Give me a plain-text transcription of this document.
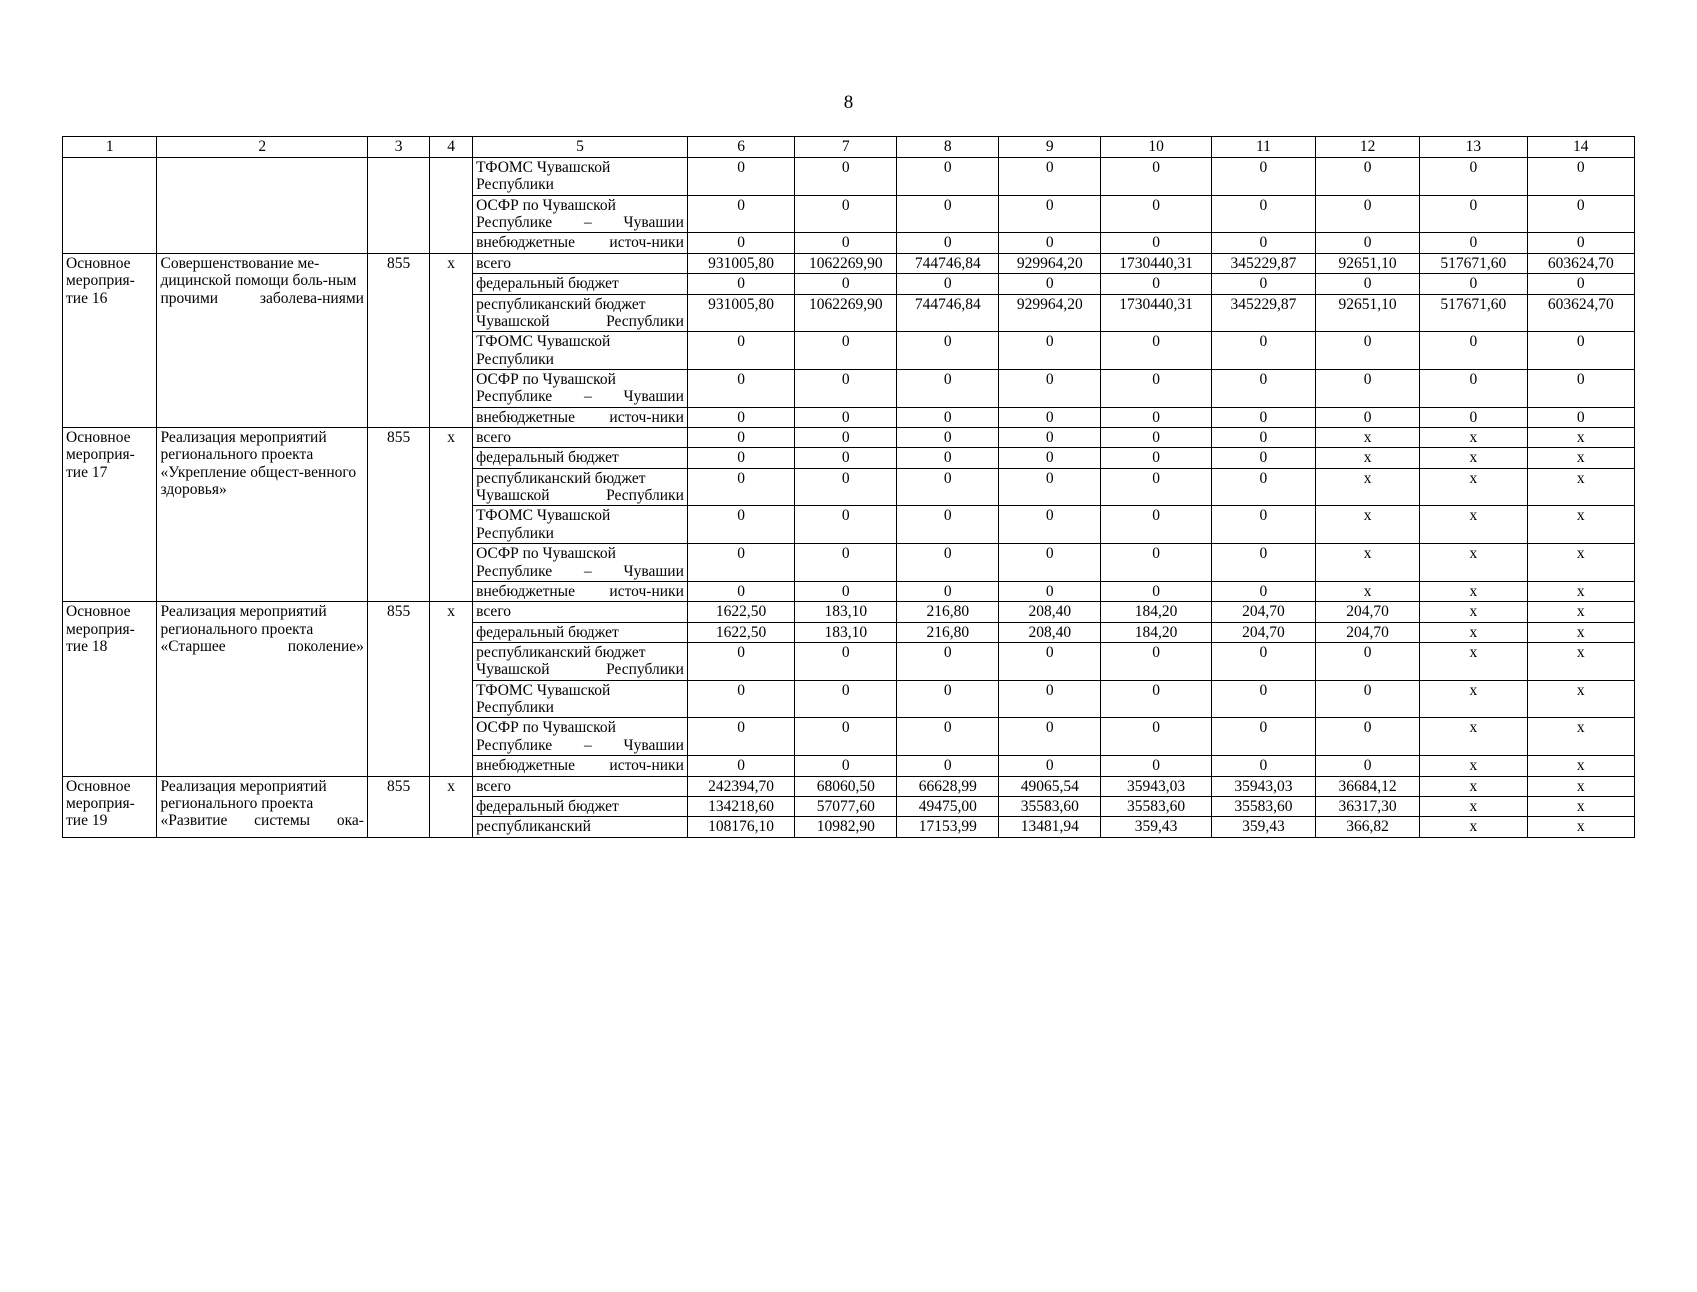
8
1	2	3	4	5	6	7	8	9	10	11	12	13	14
				ТФОМС Чувашской Республики	0	0	0	0	0	0	0	0	0
				ОСФР по Чувашской Республике – Чувашии	0	0	0	0	0	0	0	0	0
				внебюджетные источ-ники	0	0	0	0	0	0	0	0	0
Основное мероприя-тие 16	Совершенствование ме-дицинской помощи боль-ным прочими заболева-ниями	855	x	всего	931005,80	1062269,90	744746,84	929964,20	1730440,31	345229,87	92651,10	517671,60	603624,70
				федеральный бюджет	0	0	0	0	0	0	0	0	0
				республиканский бюджет Чувашской Республики	931005,80	1062269,90	744746,84	929964,20	1730440,31	345229,87	92651,10	517671,60	603624,70
				ТФОМС Чувашской Республики	0	0	0	0	0	0	0	0	0
				ОСФР по Чувашской Республике – Чувашии	0	0	0	0	0	0	0	0	0
				внебюджетные источ-ники	0	0	0	0	0	0	0	0	0
Основное мероприя-тие 17	Реализация мероприятий регионального проекта «Укрепление общест-венного здоровья»	855	x	всего	0	0	0	0	0	0	x	x	x
				федеральный бюджет	0	0	0	0	0	0	x	x	x
				республиканский бюджет Чувашской Республики	0	0	0	0	0	0	x	x	x
				ТФОМС Чувашской Республики	0	0	0	0	0	0	x	x	x
				ОСФР по Чувашской Республике – Чувашии	0	0	0	0	0	0	x	x	x
				внебюджетные источ-ники	0	0	0	0	0	0	x	x	x
Основное мероприя-тие 18	Реализация мероприятий регионального проекта «Старшее поколение»	855	x	всего	1622,50	183,10	216,80	208,40	184,20	204,70	204,70	x	x
				федеральный бюджет	1622,50	183,10	216,80	208,40	184,20	204,70	204,70	x	x
				республиканский бюджет Чувашской Республики	0	0	0	0	0	0	0	x	x
				ТФОМС Чувашской Республики	0	0	0	0	0	0	0	x	x
				ОСФР по Чувашской Республике – Чувашии	0	0	0	0	0	0	0	x	x
				внебюджетные источ-ники	0	0	0	0	0	0	0	x	x
Основное мероприя-тие 19	Реализация мероприятий регионального проекта «Развитие системы ока-	855	x	всего	242394,70	68060,50	66628,99	49065,54	35943,03	35943,03	36684,12	x	x
				федеральный бюджет	134218,60	57077,60	49475,00	35583,60	35583,60	35583,60	36317,30	x	x
				республиканский	108176,10	10982,90	17153,99	13481,94	359,43	359,43	366,82	x	x
